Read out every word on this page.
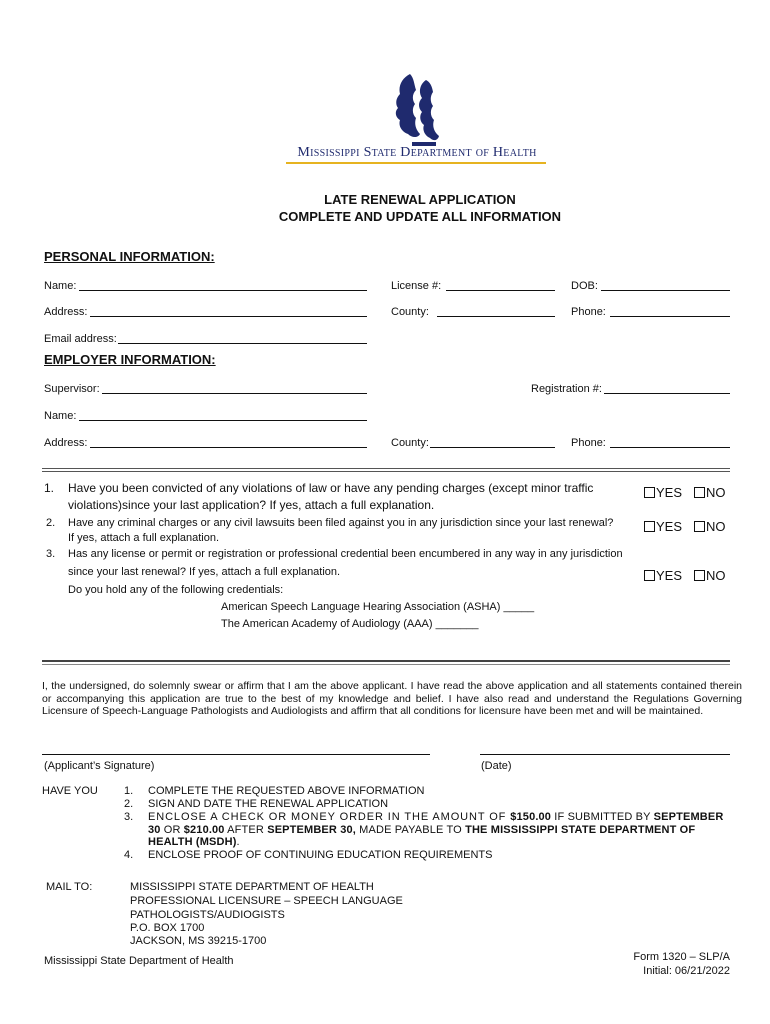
Mississippi State Department of Health
LATE RENEWAL APPLICATION
COMPLETE AND UPDATE ALL INFORMATION
PERSONAL INFORMATION:
Name:	License #:	DOB:
Address:	County:	Phone:
Email address:
EMPLOYER INFORMATION:
Supervisor:	Registration #:
Name:
Address:	County:	Phone:
1. Have you been convicted of any violations of law or have any pending charges (except minor traffic
violations)since your last application? If yes, attach a full explanation.
YES	NO
2. Have any criminal charges or any civil lawsuits been filed against you in any jurisdiction since your last renewal?
If yes, attach a full explanation.
YES	NO
3. Has any license or permit or registration or professional credential been encumbered in any way in any jurisdiction
since your last renewal? If yes, attach a full explanation.	YES	NO
Do you hold any of the following credentials:
American Speech Language Hearing Association (ASHA) _____
The American Academy of Audiology (AAA) _______
I, the undersigned, do solemnly swear or affirm that I am the above applicant. I have read the above application and all statements contained therein or accompanying this application are true to the best of my knowledge and belief. I have also read and understand the Regulations Governing Licensure of Speech-Language Pathologists and Audiologists and affirm that all conditions for licensure have been met and will be maintained.
(Applicant’s Signature)	(Date)
HAVE YOU 1. COMPLETE THE REQUESTED ABOVE INFORMATION
2. SIGN AND DATE THE RENEWAL APPLICATION
3. ENCLOSE A CHECK OR MONEY ORDER IN THE AMOUNT OF $150.00 IF SUBMITTED BY SEPTEMBER 30 OR $210.00 AFTER SEPTEMBER 30, MADE PAYABLE TO THE MISSISSIPPI STATE DEPARTMENT OF HEALTH (MSDH).
4. ENCLOSE PROOF OF CONTINUING EDUCATION REQUIREMENTS
MAIL TO:	MISSISSIPPI STATE DEPARTMENT OF HEALTH
PROFESSIONAL LICENSURE – SPEECH LANGUAGE
PATHOLOGISTS/AUDIOGISTS
P.O. BOX 1700
JACKSON, MS 39215-1700
Mississippi State Department of Health	Form 1320 – SLP/A
Initial: 06/21/2022
